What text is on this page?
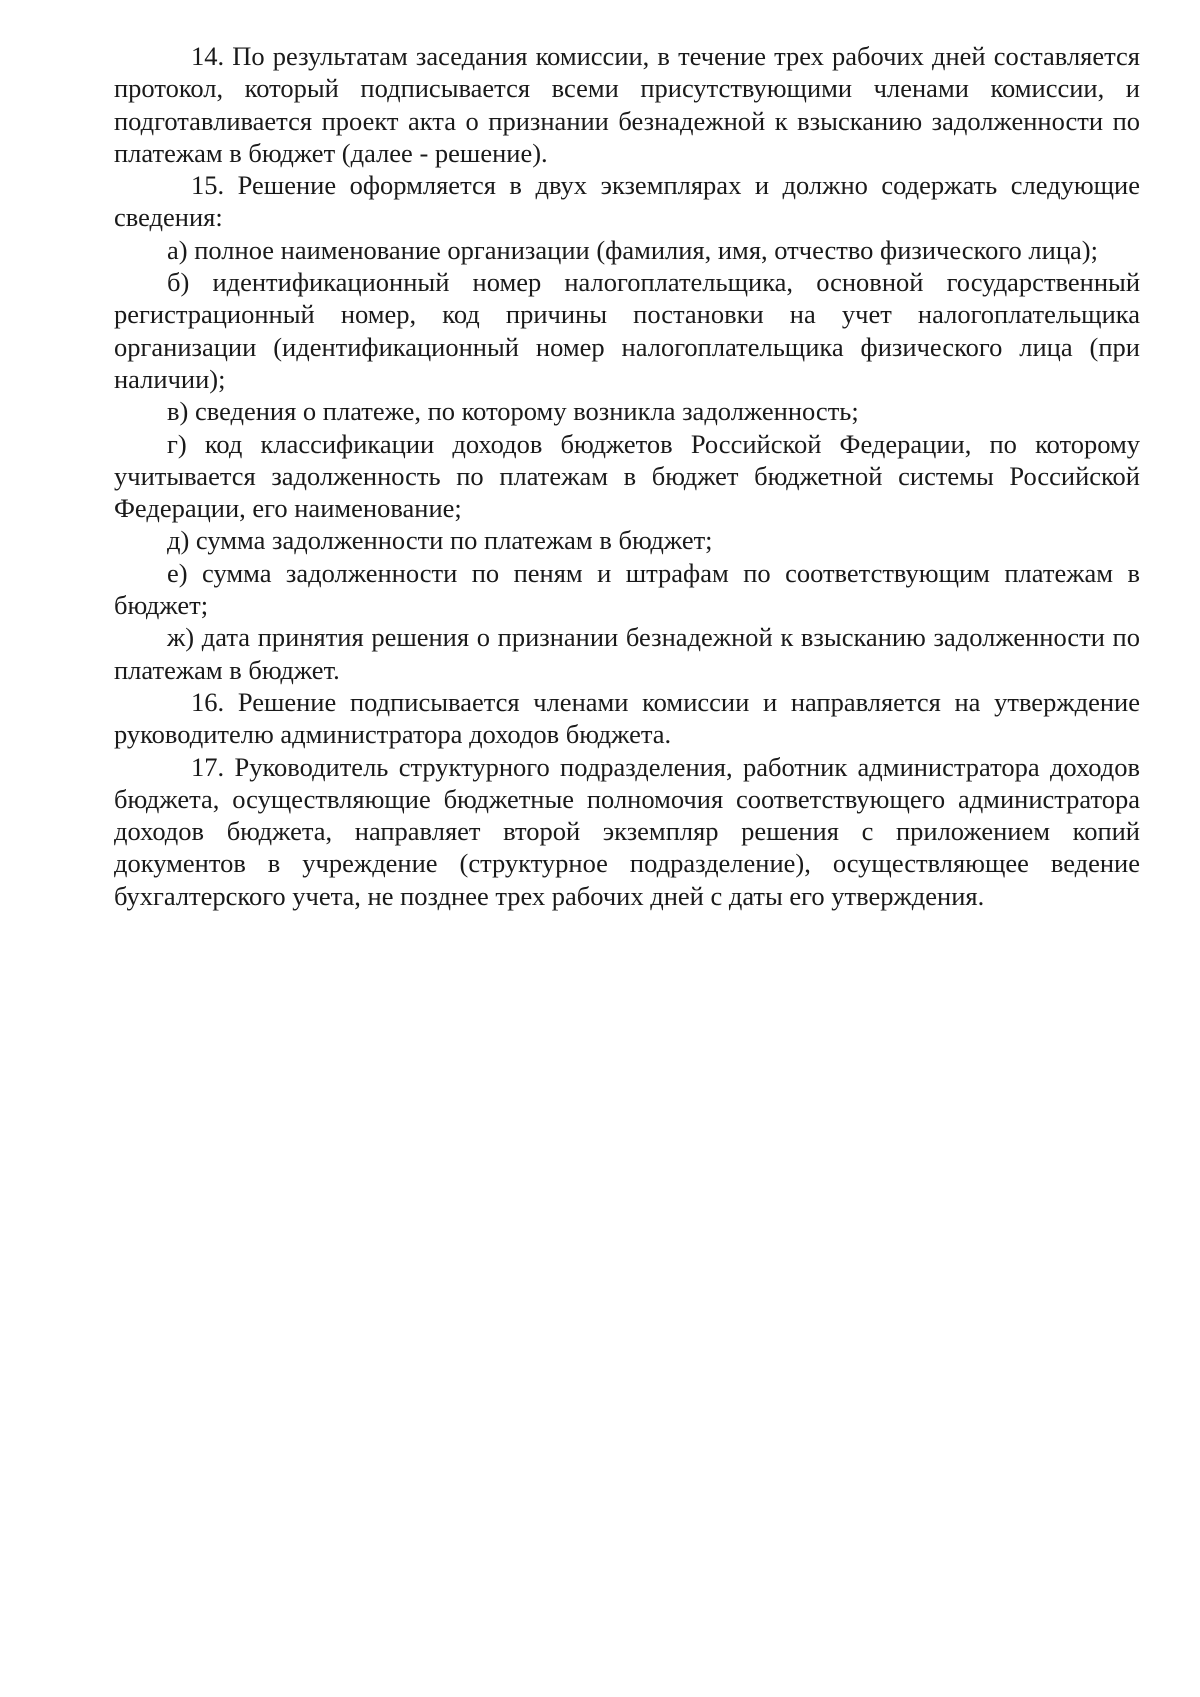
14. По результатам заседания комиссии, в течение трех рабочих дней составляется протокол, который подписывается всеми присутствующими членами комиссии, и подготавливается проект акта о признании безнадежной к взысканию задолженности по платежам в бюджет (далее - решение).

15. Решение оформляется в двух экземплярах и должно содержать следующие сведения:

а) полное наименование организации (фамилия, имя, отчество физического лица);

б) идентификационный номер налогоплательщика, основной государственный регистрационный номер, код причины постановки на учет налогоплательщика организации (идентификационный номер налогоплательщика физического лица (при наличии);

в) сведения о платеже, по которому возникла задолженность;

г) код классификации доходов бюджетов Российской Федерации, по которому учитывается задолженность по платежам в бюджет бюджетной системы Российской Федерации, его наименование;

д) сумма задолженности по платежам в бюджет;

е) сумма задолженности по пеням и штрафам по соответствующим платежам в бюджет;

ж) дата принятия решения о признании безнадежной к взысканию задолженности по платежам в бюджет.

16. Решение подписывается членами комиссии и направляется на утверждение руководителю администратора доходов бюджета.

17. Руководитель структурного подразделения, работник администратора доходов бюджета, осуществляющие бюджетные полномочия соответствующего администратора доходов бюджета, направляет второй экземпляр решения с приложением копий документов в учреждение (структурное подразделение), осуществляющее ведение бухгалтерского учета, не позднее трех рабочих дней с даты его утверждения.
